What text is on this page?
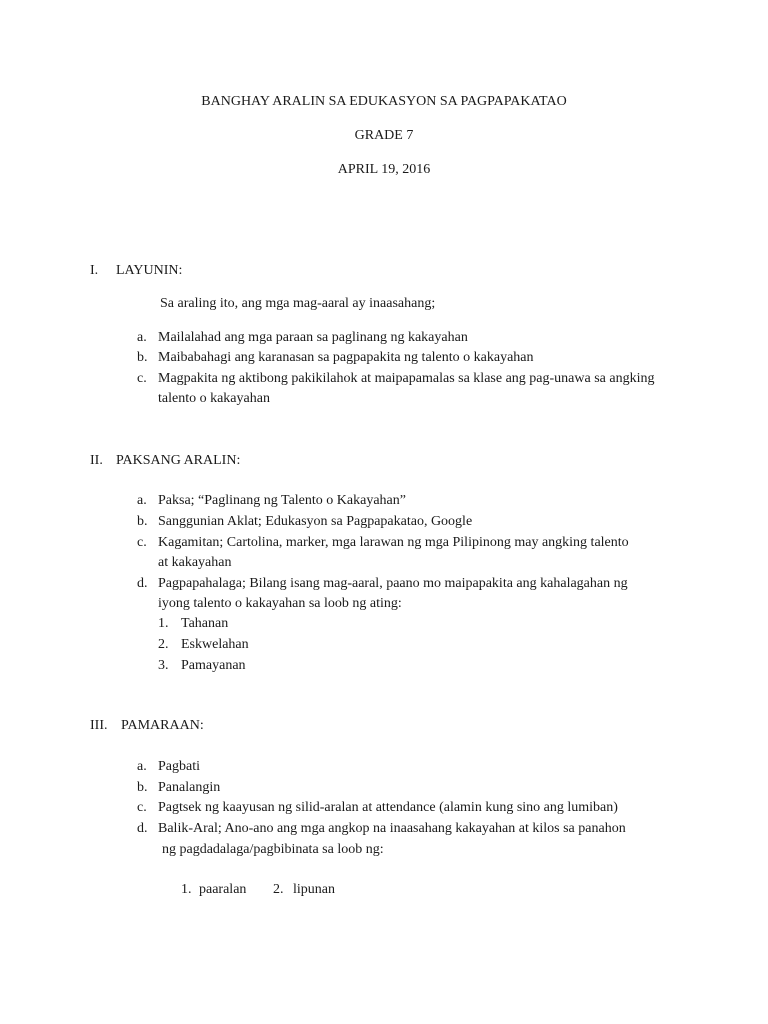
BANGHAY ARALIN SA EDUKASYON SA PAGPAPAKATAO
GRADE 7
APRIL 19, 2016
I. LAYUNIN:
Sa araling ito, ang mga mag-aaral ay inaasahang;
a. Mailalahad ang mga paraan sa paglinang ng kakayahan
b. Maibabahagi ang karanasan sa pagpapakita ng talento o kakayahan
c. Magpakita ng aktibong pakikilahok at maipapamalas sa klase ang pag-unawa sa angking
talento o kakayahan
II. PAKSANG ARALIN:
a. Paksa; “Paglinang ng Talento o Kakayahan”
b. Sanggunian Aklat; Edukasyon sa Pagpapakatao, Google
c. Kagamitan; Cartolina, marker, mga larawan ng mga Pilipinong may angking talento
at kakayahan
d. Pagpapahalaga; Bilang isang mag-aaral, paano mo maipapakita ang kahalagahan ng
iyong talento o kakayahan sa loob ng ating:
1. Tahanan
2. Eskwelahan
3. Pamayanan
III. PAMARAAN:
a. Pagbati
b. Panalangin
c. Pagtsek ng kaayusan ng silid-aralan at attendance (alamin kung sino ang lumiban)
d. Balik-Aral; Ano-ano ang mga angkop na inaasahang kakayahan at kilos sa panahon
ng pagdadalaga/pagbibinata sa loob ng:
1. paaralan 2. lipunan
